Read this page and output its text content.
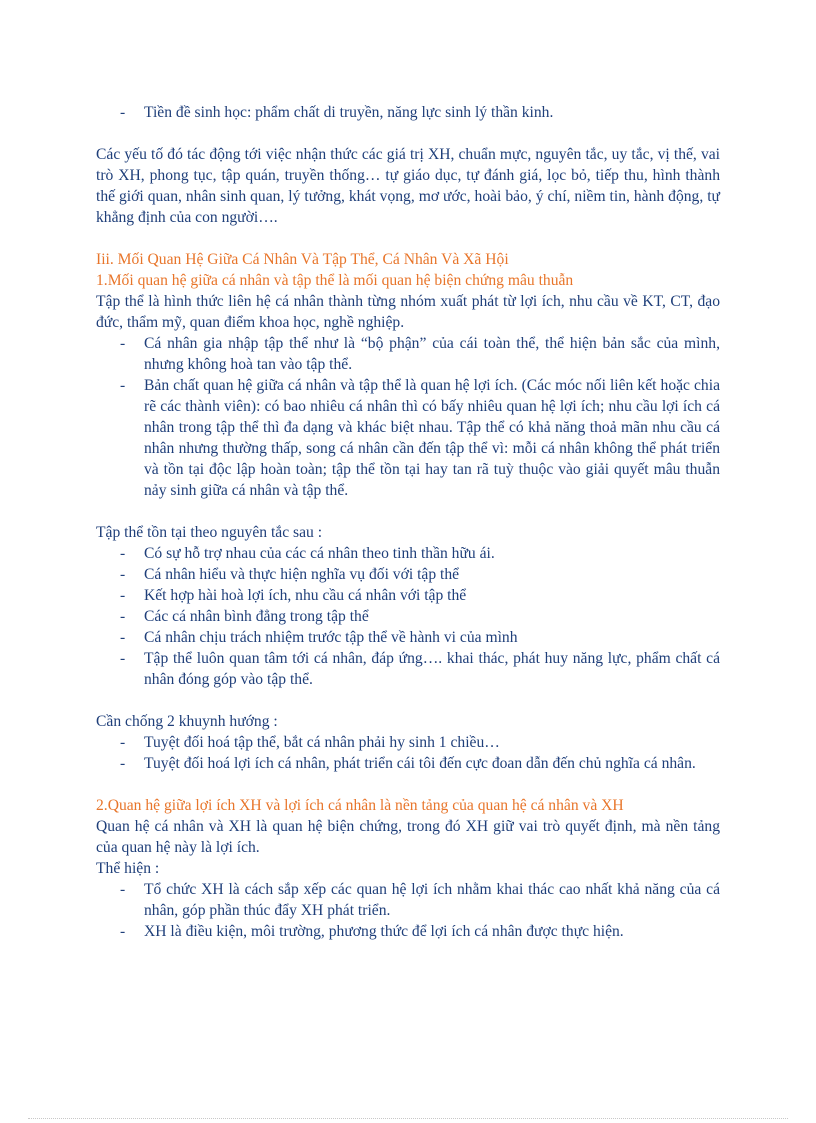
- Tiền đề sinh học: phẩm chất di truyền, năng lực sinh lý thần kinh.

Các yếu tố đó tác động tới việc nhận thức các giá trị XH, chuẩn mực, nguyên tắc, uy tắc, vị thế, vai trò XH, phong tục, tập quán, truyền thống… tự giáo dục, tự đánh giá, lọc bỏ, tiếp thu, hình thành thế giới quan, nhân sinh quan, lý tưởng, khát vọng, mơ ước, hoài bảo, ý chí, niềm tin, hành động, tự khẳng định của con người….

Iii. Mối Quan Hệ Giữa Cá Nhân Và Tập Thể, Cá Nhân Và Xã Hội

1.Mối quan hệ giữa cá nhân và tập thể là mối quan hệ biện chứng mâu thuẫn

Tập thể là hình thức liên hệ cá nhân thành từng nhóm xuất phát từ lợi ích, nhu cầu về KT, CT, đạo đức, thẩm mỹ, quan điểm khoa học, nghề nghiệp.

- Cá nhân gia nhập tập thể như là “bộ phận” của cái toàn thể, thể hiện bản sắc của mình, nhưng không hoà tan vào tập thể.
- Bản chất quan hệ giữa cá nhân và tập thể là quan hệ lợi ích. (Các móc nối liên kết hoặc chia rẽ các thành viên): có bao nhiêu cá nhân thì có bấy nhiêu quan hệ lợi ích; nhu cầu lợi ích cá nhân trong tập thể thì đa dạng và khác biệt nhau. Tập thể có khả năng thoả mãn nhu cầu cá nhân nhưng thường thấp, song cá nhân cần đến tập thể vì: mỗi cá nhân không thể phát triển và tồn tại độc lập hoàn toàn; tập thể tồn tại hay tan rã tuỳ thuộc vào giải quyết mâu thuẫn nảy sinh giữa cá nhân và tập thể.

Tập thể tồn tại theo nguyên tắc sau :

- Có sự hỗ trợ nhau của các cá nhân theo tinh thần hữu ái.
- Cá nhân hiểu và thực hiện nghĩa vụ đối với tập thể
- Kết hợp hài hoà lợi ích, nhu cầu cá nhân với tập thể
- Các cá nhân bình đẳng trong tập thể
- Cá nhân chịu trách nhiệm trước tập thể về hành vi của mình
- Tập thể luôn quan tâm tới cá nhân, đáp ứng…. khai thác, phát huy năng lực, phẩm chất cá nhân đóng góp vào tập thể.

Cần chống 2 khuynh hướng :

- Tuyệt đối hoá tập thể, bắt cá nhân phải hy sinh 1 chiều…
- Tuyệt đối hoá lợi ích cá nhân, phát triển cái tôi đến cực đoan dẫn đến chủ nghĩa cá nhân.

2.Quan hệ giữa lợi ích XH và lợi ích cá nhân là nền tảng của quan hệ cá nhân và XH

Quan hệ cá nhân và XH là quan hệ biện chứng, trong đó XH giữ vai trò quyết định, mà nền tảng của quan hệ này là lợi ích.

Thể hiện :

- Tổ chức XH là cách sắp xếp các quan hệ lợi ích nhằm khai thác cao nhất khả năng của cá nhân, góp phần thúc đẩy XH phát triển.
- XH là điều kiện, môi trường, phương thức để lợi ích cá nhân được thực hiện.
